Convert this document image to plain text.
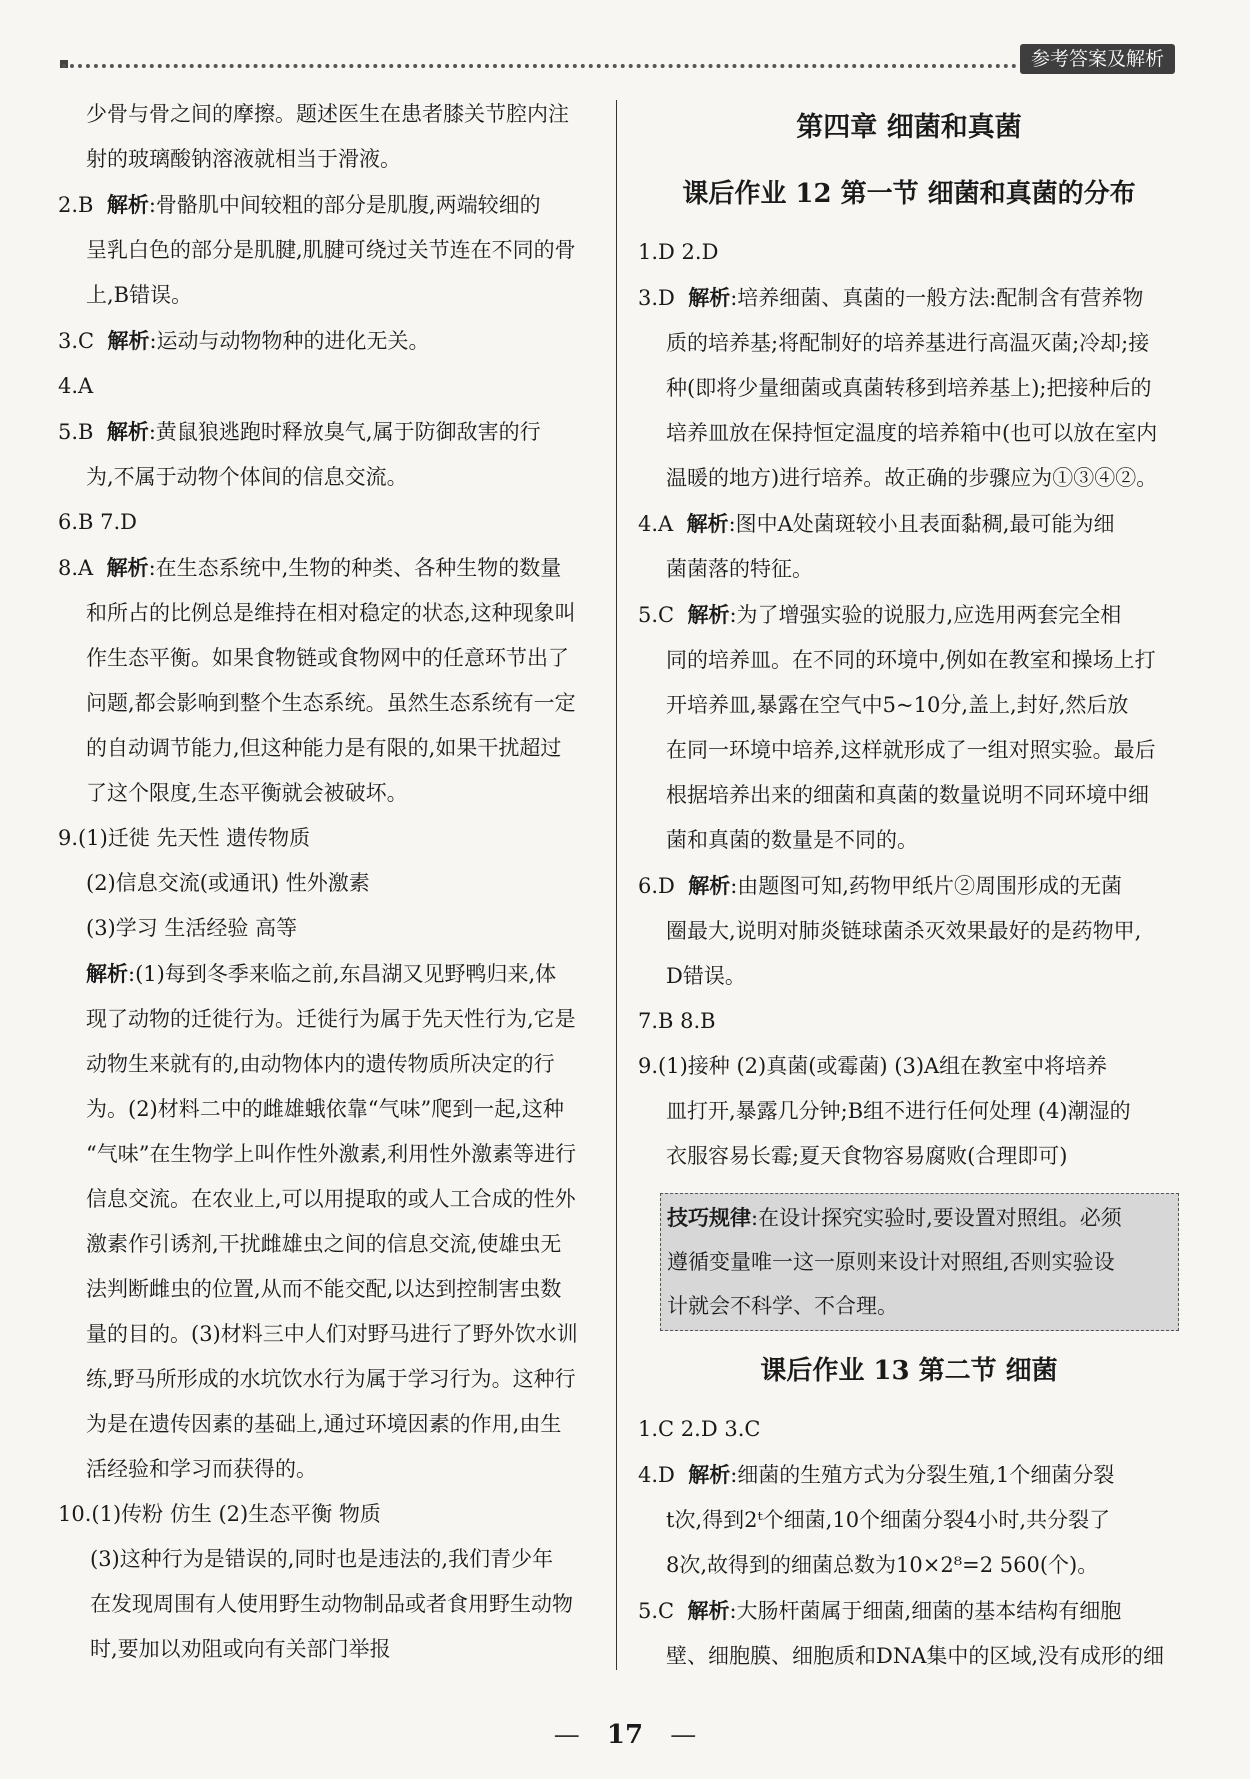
参考答案及解析

少骨与骨之间的摩擦。题述医生在患者膝关节腔内注

射的玻璃酸钠溶液就相当于滑液。

2.B 解析:骨骼肌中间较粗的部分是肌腹,两端较细的

呈乳白色的部分是肌腱,肌腱可绕过关节连在不同的骨

上,B错误。

3.C 解析:运动与动物物种的进化无关。

4.A

5.B 解析:黄鼠狼逃跑时释放臭气,属于防御敌害的行

为,不属于动物个体间的信息交流。

6.B 7.D

8.A 解析:在生态系统中,生物的种类、各种生物的数量

和所占的比例总是维持在相对稳定的状态,这种现象叫

作生态平衡。如果食物链或食物网中的任意环节出了

问题,都会影响到整个生态系统。虽然生态系统有一定

的自动调节能力,但这种能力是有限的,如果干扰超过

了这个限度,生态平衡就会被破坏。

9.(1)迁徙 先天性 遗传物质

(2)信息交流(或通讯) 性外激素

(3)学习 生活经验 高等

解析:(1)每到冬季来临之前,东昌湖又见野鸭归来,体

现了动物的迁徙行为。迁徙行为属于先天性行为,它是

动物生来就有的,由动物体内的遗传物质所决定的行

为。(2)材料二中的雌雄蛾依靠“气味”爬到一起,这种

“气味”在生物学上叫作性外激素,利用性外激素等进行

信息交流。在农业上,可以用提取的或人工合成的性外

激素作引诱剂,干扰雌雄虫之间的信息交流,使雄虫无

法判断雌虫的位置,从而不能交配,以达到控制害虫数

量的目的。(3)材料三中人们对野马进行了野外饮水训

练,野马所形成的水坑饮水行为属于学习行为。这种行

为是在遗传因素的基础上,通过环境因素的作用,由生

活经验和学习而获得的。

10.(1)传粉 仿生 (2)生态平衡 物质

(3)这种行为是错误的,同时也是违法的,我们青少年

在发现周围有人使用野生动物制品或者食用野生动物

时,要加以劝阻或向有关部门举报

第四章 细菌和真菌
课后作业 12 第一节 细菌和真菌的分布

1.D 2.D

3.D 解析:培养细菌、真菌的一般方法:配制含有营养物

质的培养基;将配制好的培养基进行高温灭菌;冷却;接

种(即将少量细菌或真菌转移到培养基上);把接种后的

培养皿放在保持恒定温度的培养箱中(也可以放在室内

温暖的地方)进行培养。故正确的步骤应为①③④②。

4.A 解析:图中A处菌斑较小且表面黏稠,最可能为细

菌菌落的特征。

5.C 解析:为了增强实验的说服力,应选用两套完全相

同的培养皿。在不同的环境中,例如在教室和操场上打

开培养皿,暴露在空气中5~10分,盖上,封好,然后放

在同一环境中培养,这样就形成了一组对照实验。最后

根据培养出来的细菌和真菌的数量说明不同环境中细

菌和真菌的数量是不同的。

6.D 解析:由题图可知,药物甲纸片②周围形成的无菌

圈最大,说明对肺炎链球菌杀灭效果最好的是药物甲,

D错误。

7.B 8.B

9.(1)接种 (2)真菌(或霉菌) (3)A组在教室中将培养

皿打开,暴露几分钟;B组不进行任何处理 (4)潮湿的

衣服容易长霉;夏天食物容易腐败(合理即可)

技巧规律:在设计探究实验时,要设置对照组。必须
遵循变量唯一这一原则来设计对照组,否则实验设
计就会不科学、不合理。
课后作业 13 第二节 细菌

1.C 2.D 3.C

4.D 解析:细菌的生殖方式为分裂生殖,1个细菌分裂

t次,得到2ᵗ个细菌,10个细菌分裂4小时,共分裂了

8次,故得到的细菌总数为10×2⁸=2 560(个)。

5.C 解析:大肠杆菌属于细菌,细菌的基本结构有细胞

壁、细胞膜、细胞质和DNA集中的区域,没有成形的细

— 17 —
